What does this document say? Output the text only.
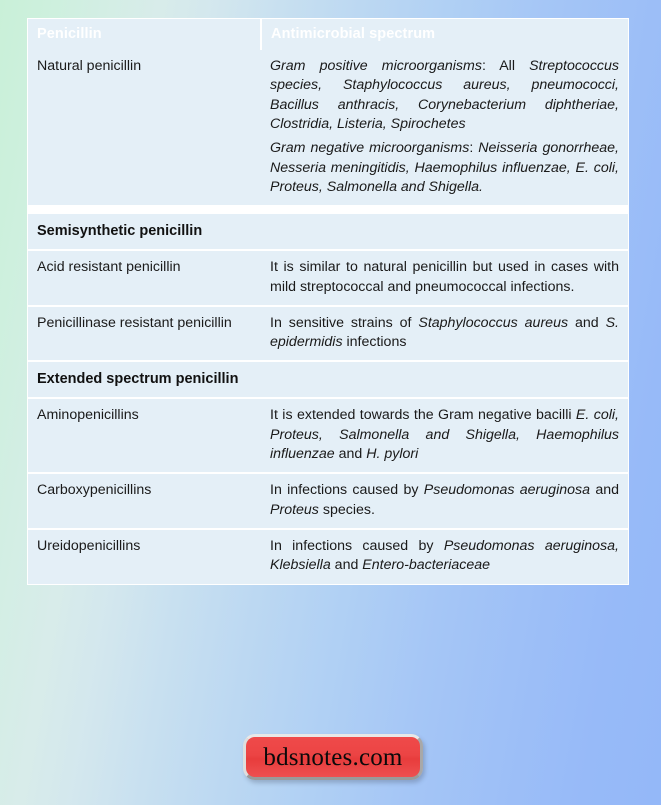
Penicillin	Antimicrobial spectrum
Natural penicillin	Gram positive microorganisms: All Streptococcus species, Staphylococcus aureus, pneumococci, Bacillus anthracis, Corynebacterium diphtheriae, Clostridia, Listeria, Spirochetes

Gram negative microorganisms: Neisseria gonorrheae, Nesseria meningitidis, Haemophilus influenzae, E. coli, Proteus, Salmonella and Shigella.

Semisynthetic penicillin	
Acid resistant penicillin	It is similar to natural penicillin but used in cases with mild streptococcal and pneumococcal infections.

Penicillinase resistant penicillin	In sensitive strains of Staphylococcus aureus and S. epidermidis infections

Extended spectrum penicillin	
Aminopenicillins	It is extended towards the Gram negative bacilli E. coli, Proteus, Salmonella and Shigella, Haemophilus influenzae and H. pylori

Carboxypenicillins	In infections caused by Pseudomonas aeruginosa and Proteus species.

Ureidopenicillins	In infections caused by Pseudomonas aeruginosa, Klebsiella and Entero-bacteriaceae

bdsnotes.com
